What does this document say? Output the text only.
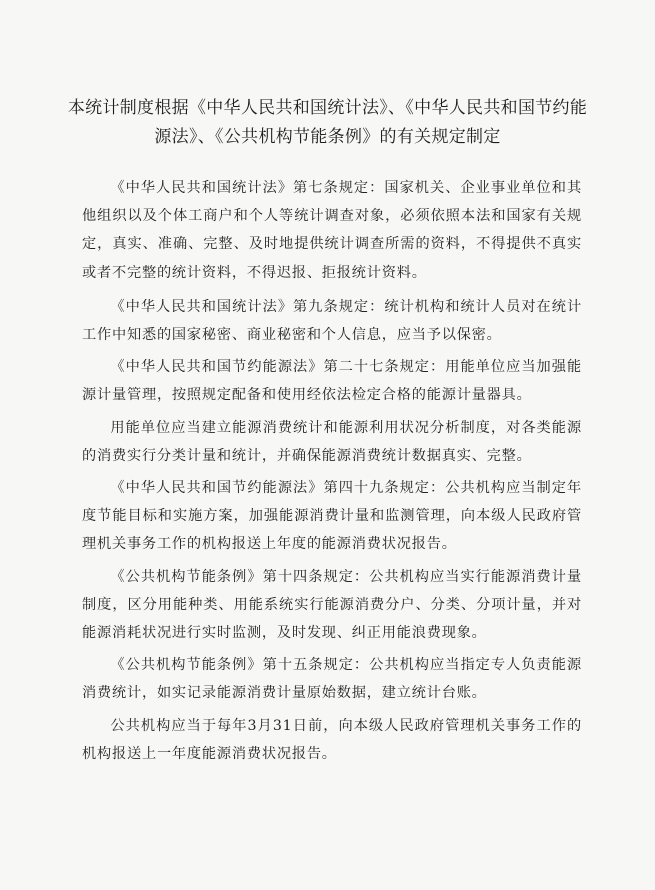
本统计制度根据《中华人民共和国统计法》、《中华人民共和国节约能源法》、《公共机构节能条例》的有关规定制定

《中华人民共和国统计法》第七条规定：国家机关、企业事业单位和其他组织以及个体工商户和个人等统计调查对象，必须依照本法和国家有关规定，真实、准确、完整、及时地提供统计调查所需的资料，不得提供不真实或者不完整的统计资料，不得迟报、拒报统计资料。

《中华人民共和国统计法》第九条规定：统计机构和统计人员对在统计工作中知悉的国家秘密、商业秘密和个人信息，应当予以保密。

《中华人民共和国节约能源法》第二十七条规定：用能单位应当加强能源计量管理，按照规定配备和使用经依法检定合格的能源计量器具。

用能单位应当建立能源消费统计和能源利用状况分析制度，对各类能源的消费实行分类计量和统计，并确保能源消费统计数据真实、完整。

《中华人民共和国节约能源法》第四十九条规定：公共机构应当制定年度节能目标和实施方案，加强能源消费计量和监测管理，向本级人民政府管理机关事务工作的机构报送上年度的能源消费状况报告。

《公共机构节能条例》第十四条规定：公共机构应当实行能源消费计量制度，区分用能种类、用能系统实行能源消费分户、分类、分项计量，并对能源消耗状况进行实时监测，及时发现、纠正用能浪费现象。

《公共机构节能条例》第十五条规定：公共机构应当指定专人负责能源消费统计，如实记录能源消费计量原始数据，建立统计台账。

公共机构应当于每年3月31日前，向本级人民政府管理机关事务工作的机构报送上一年度能源消费状况报告。
